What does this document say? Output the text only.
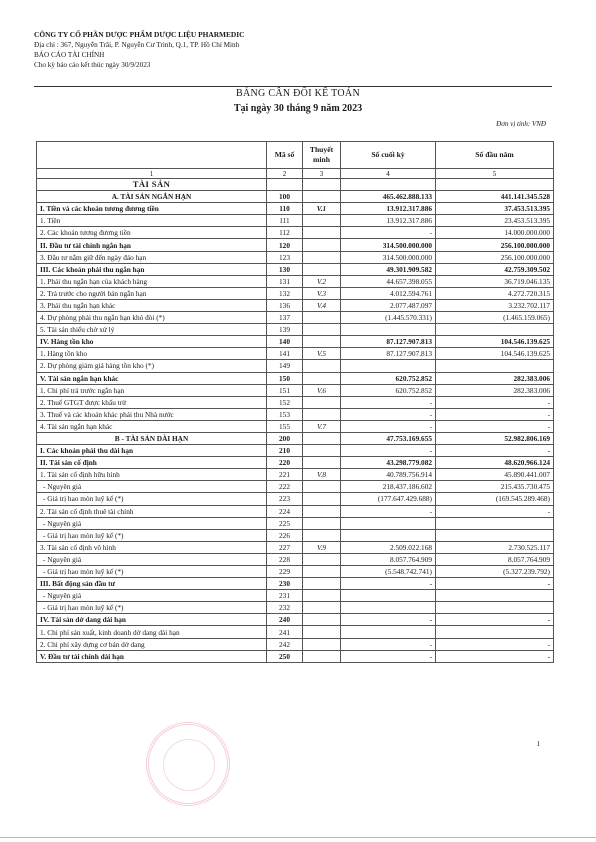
CÔNG TY CỔ PHẦN DƯỢC PHẨM DƯỢC LIỆU PHARMEDIC
Địa chỉ : 367, Nguyễn Trãi, P. Nguyễn Cư Trinh, Q.1, TP. Hồ Chí Minh
BÁO CÁO TÀI CHÍNH
Cho kỳ báo cáo kết thúc ngày 30/9/2023
BẢNG CÂN ĐỐI KẾ TOÁN
Tại ngày 30 tháng 9 năm 2023
Đơn vị tính: VNĐ
	Mã số	Thuyết minh	Số cuối kỳ	Số đầu năm
1	2	3	4	5
TÀI SẢN				
A. TÀI SẢN NGẮN HẠN	100		465.462.888.133	441.141.345.528
I. Tiền và các khoản tương đương tiền	110	V.1	13.912.317.886	37.453.513.395
1. Tiền	111		13.912.317.886	23.453.513.395
2. Các khoản tương đương tiền	112		-	14.000.000.000
II. Đầu tư tài chính ngắn hạn	120		314.500.000.000	256.100.000.000
3. Đầu tư nắm giữ đến ngày đáo hạn	123		314.500.000.000	256.100.000.000
III. Các khoản phải thu ngắn hạn	130		49.301.909.582	42.759.309.502
1. Phải thu ngắn hạn của khách hàng	131	V.2	44.657.398.055	36.719.046.135
2. Trả trước cho người bán ngắn hạn	132	V.3	4.012.594.761	4.272.720.315
3. Phải thu ngắn hạn khác	136	V.4	2.077.487.097	3.232.702.117
4. Dự phòng phải thu ngắn hạn khó đòi (*)	137		(1.445.570.331)	(1.465.159.065)
5. Tài sản thiếu chờ xử lý	139			
IV. Hàng tồn kho	140		87.127.907.813	104.546.139.625
1. Hàng tồn kho	141	V.5	87.127.907.813	104.546.139.625
2. Dự phòng giảm giá hàng tồn kho (*)	149			
V. Tài sản ngắn hạn khác	150		620.752.852	282.383.006
1. Chi phí trả trước ngắn hạn	151	V.6	620.752.852	282.383.006
2. Thuế GTGT được khấu trừ	152		-	-
3. Thuế và các khoản khác phải thu Nhà nước	153		-	-
4. Tài sản ngắn hạn khác	155	V.7	-	-
B - TÀI SẢN DÀI HẠN	200		47.753.169.655	52.982.806.169
I. Các khoản phải thu dài hạn	210		-	-
II. Tài sản cố định	220		43.298.779.082	48.620.966.124
1. Tài sản cố định hữu hình	221	V.8	40.789.756.914	45.890.441.007
- Nguyên giá	222		218.437.186.602	215.435.730.475
- Giá trị hao mòn luỹ kế (*)	223		(177.647.429.688)	(169.545.289.468)
2. Tài sản cố định thuê tài chính	224		-	-
- Nguyên giá	225			
- Giá trị hao mòn luỹ kế (*)	226			
3. Tài sản cố định vô hình	227	V.9	2.509.022.168	2.730.525.117
- Nguyên giá	228		8.057.764.909	8.057.764.909
- Giá trị hao mòn luỹ kế (*)	229		(5.548.742.741)	(5.327.239.792)
III. Bất động sản đầu tư	230		-	-
- Nguyên giá	231			
- Giá trị hao mòn luỹ kế (*)	232			
IV. Tài sản dở dang dài hạn	240		-	-
1. Chi phí sản xuất, kinh doanh dở dang dài hạn	241			
2. Chi phí xây dựng cơ bản dở dang	242		-	-
V. Đầu tư tài chính dài hạn	250		-	-
1
